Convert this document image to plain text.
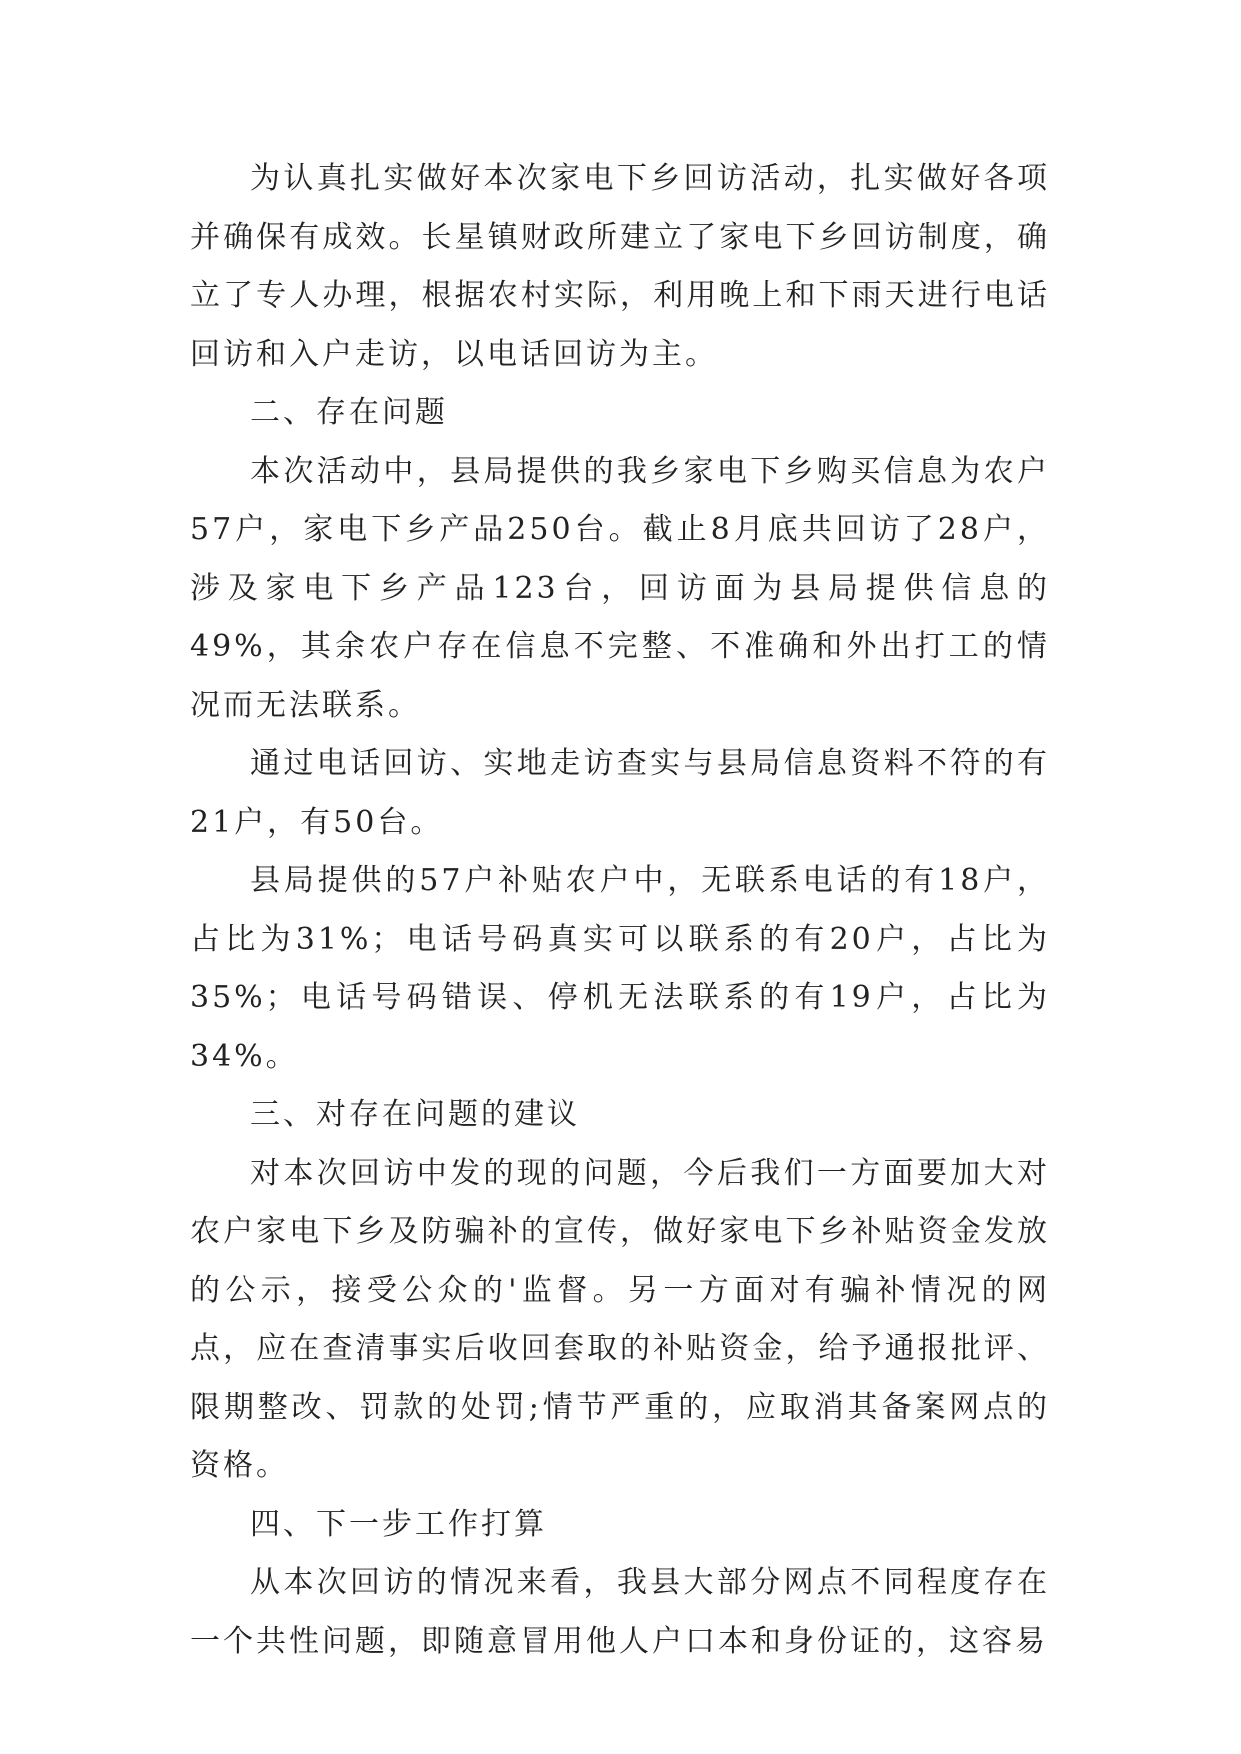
为认真扎实做好本次家电下乡回访活动，扎实做好各项并确保有成效。长星镇财政所建立了家电下乡回访制度，确立了专人办理，根据农村实际，利用晚上和下雨天进行电话回访和入户走访，以电话回访为主。

二、存在问题

本次活动中，县局提供的我乡家电下乡购买信息为农户57户，家电下乡产品250台。截止8月底共回访了28户，涉及家电下乡产品123台，回访面为县局提供信息的49%，其余农户存在信息不完整、不准确和外出打工的情况而无法联系。

通过电话回访、实地走访查实与县局信息资料不符的有21户，有50台。

县局提供的57户补贴农户中，无联系电话的有18户，占比为31%；电话号码真实可以联系的有20户，占比为35%；电话号码错误、停机无法联系的有19户，占比为34%。

三、对存在问题的建议

对本次回访中发的现的问题，今后我们一方面要加大对农户家电下乡及防骗补的宣传，做好家电下乡补贴资金发放的公示，接受公众的'监督。另一方面对有骗补情况的网点，应在查清事实后收回套取的补贴资金，给予通报批评、限期整改、罚款的处罚;情节严重的，应取消其备案网点的资格。

四、下一步工作打算

从本次回访的情况来看，我县大部分网点不同程度存在一个共性问题，即随意冒用他人户口本和身份证的，这容易
